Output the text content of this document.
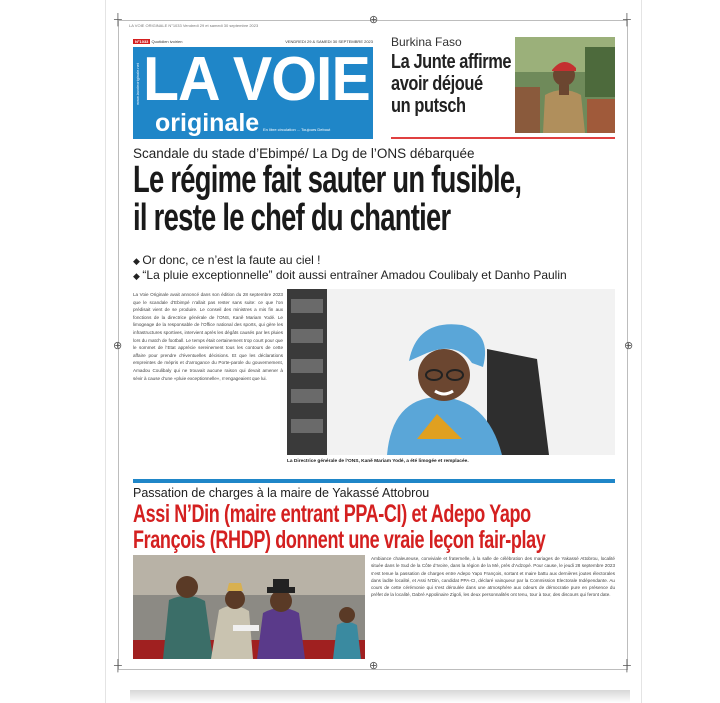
┼	⊕	┼
⊕	⊕
┼	⊕	┼
LA VOIE ORIGINALE N°1033 Vendredi 29 et samedi 30 septembre 2023
N°1033 Quotidien ivoirien	VENDREDI 29 & SAMEDI 30 SEPTEMBRE 2023
www.lavoieoriginale.net LA VOIE
originale En libre circulation ... Toujours Debout
Burkina Faso
La Junte affirme
avoir déjoué
un putsch
Scandale du stade d’Ebimpé/ La Dg de l’ONS débarquée
Le régime fait sauter un fusible,
il reste le chef du chantier
◆ Or donc, ce n’est la faute au ciel !
◆ “La pluie exceptionnelle” doit aussi entraîner Amadou Coulibaly et Danho Paulin
La Voie Originale avait annoncé dans son édition du 28 septembre 2023 que le scandale d’Ebimpé n’allait pas rester sans suite: ce que l’on prédisait vient de se produire. Le conseil des ministres a mis fin aux fonctions de la directrice générale de l’ONS, Kaně Mariam Yodé. Le limogeage de la responsable de l’Office national des sports, qui gère les infrastructures sportives, intervient après les dégâts causés par les pluies lors du match de football. Le temps était certainement trop court pour que le sommet de l’Etat apprécie sereinement tous les contours de cette affaire pour prendre d’éventuelles décisions. Et que les déclarations empreintes de mépris et d’arrogance du Porte-parole du gouvernement, Amadou Coulibaly qui ne trouvait aucune raison qui devait amener à sévir à cause d’une «pluie exceptionnelle», n’engageaient que lui.
La Directrice générale de l’ONS, Kaně Mariam Yodé, a été limogée et remplacée.
Passation de charges à la maire de Yakassé Attobrou
Assi N’Din (maire entrant PPA-CI) et Adepo Yapo
François (RHDP) donnent une vraie leçon fair-play
Ambiance chaleureuse, conviviale et fraternelle, à la salle de célébration des mariages de Yakassé Attobrou, localité située dans le Sud de la Côte d’Ivoire, dans la région de la Mé, près d’Adzopé. Pour cause, le jeudi 28 septembre 2023 s’est tenue la passation de charges entre Adepo Yapo François, sortant et maire battu aux dernières joutes électorales dans ladite localité, et Assi N’Din, candidat PPA-CI, déclaré vainqueur par la Commission Electorale Indépendante. Au cours de cette cérémonie qui s’est déroulée dans une atmosphère aux odeurs de démocratie pure en présence du préfet de la localité, Dabré Appolinaire Zigoli, les deux personnalités ont tenu, tour à tour, des discours qui feront date.
